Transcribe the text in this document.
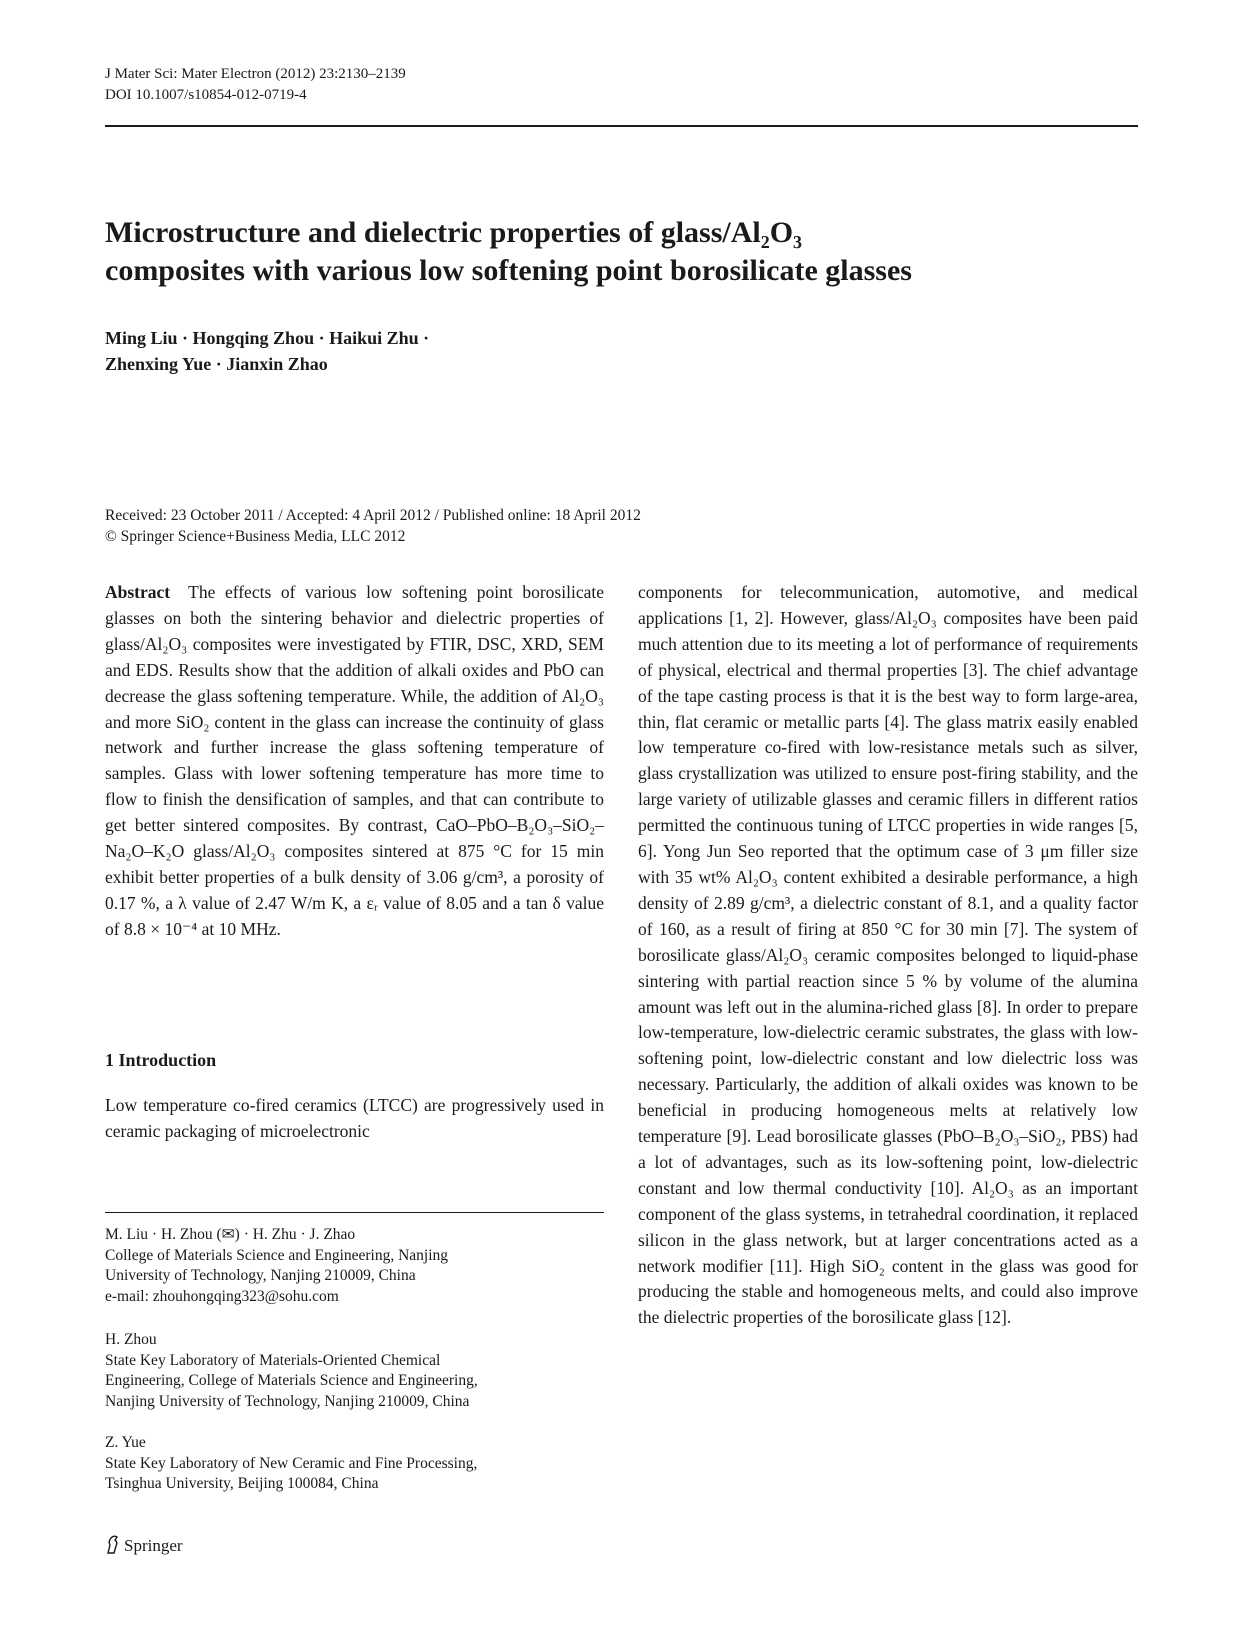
J Mater Sci: Mater Electron (2012) 23:2130–2139
DOI 10.1007/s10854-012-0719-4
Microstructure and dielectric properties of glass/Al₂O₃
composites with various low softening point borosilicate glasses
Ming Liu · Hongqing Zhou · Haikui Zhu ·
Zhenxing Yue · Jianxin Zhao
Received: 23 October 2011 / Accepted: 4 April 2012 / Published online: 18 April 2012
© Springer Science+Business Media, LLC 2012
Abstract The effects of various low softening point borosilicate glasses on both the sintering behavior and dielectric properties of glass/Al₂O₃ composites were investigated by FTIR, DSC, XRD, SEM and EDS. Results show that the addition of alkali oxides and PbO can decrease the glass softening temperature. While, the addition of Al₂O₃ and more SiO₂ content in the glass can increase the continuity of glass network and further increase the glass softening temperature of samples. Glass with lower softening temperature has more time to flow to finish the densification of samples, and that can contribute to get better sintered composites. By contrast, CaO–PbO–B₂O₃–SiO₂–Na₂O–K₂O glass/Al₂O₃ composites sintered at 875 °C for 15 min exhibit better properties of a bulk density of 3.06 g/cm³, a porosity of 0.17 %, a λ value of 2.47 W/m K, a εᵣ value of 8.05 and a tan δ value of 8.8 × 10⁻⁴ at 10 MHz.
1 Introduction
Low temperature co-fired ceramics (LTCC) are progressively used in ceramic packaging of microelectronic
M. Liu · H. Zhou (✉) · H. Zhu · J. Zhao
College of Materials Science and Engineering, Nanjing
University of Technology, Nanjing 210009, China
e-mail: zhouhongqing323@sohu.com
H. Zhou
State Key Laboratory of Materials-Oriented Chemical
Engineering, College of Materials Science and Engineering,
Nanjing University of Technology, Nanjing 210009, China
Z. Yue
State Key Laboratory of New Ceramic and Fine Processing,
Tsinghua University, Beijing 100084, China
components for telecommunication, automotive, and medical applications [1, 2]. However, glass/Al₂O₃ composites have been paid much attention due to its meeting a lot of performance of requirements of physical, electrical and thermal properties [3]. The chief advantage of the tape casting process is that it is the best way to form large-area, thin, flat ceramic or metallic parts [4]. The glass matrix easily enabled low temperature co-fired with low-resistance metals such as silver, glass crystallization was utilized to ensure post-firing stability, and the large variety of utilizable glasses and ceramic fillers in different ratios permitted the continuous tuning of LTCC properties in wide ranges [5, 6]. Yong Jun Seo reported that the optimum case of 3 μm filler size with 35 wt% Al₂O₃ content exhibited a desirable performance, a high density of 2.89 g/cm³, a dielectric constant of 8.1, and a quality factor of 160, as a result of firing at 850 °C for 30 min [7]. The system of borosilicate glass/Al₂O₃ ceramic composites belonged to liquid-phase sintering with partial reaction since 5 % by volume of the alumina amount was left out in the alumina-riched glass [8]. In order to prepare low-temperature, low-dielectric ceramic substrates, the glass with low-softening point, low-dielectric constant and low dielectric loss was necessary. Particularly, the addition of alkali oxides was known to be beneficial in producing homogeneous melts at relatively low temperature [9]. Lead borosilicate glasses (PbO–B₂O₃–SiO₂, PBS) had a lot of advantages, such as its low-softening point, low-dielectric constant and low thermal conductivity [10]. Al₂O₃ as an important component of the glass systems, in tetrahedral coordination, it replaced silicon in the glass network, but at larger concentrations acted as a network modifier [11]. High SiO₂ content in the glass was good for producing the stable and homogeneous melts, and could also improve the dielectric properties of the borosilicate glass [12].
Springer
